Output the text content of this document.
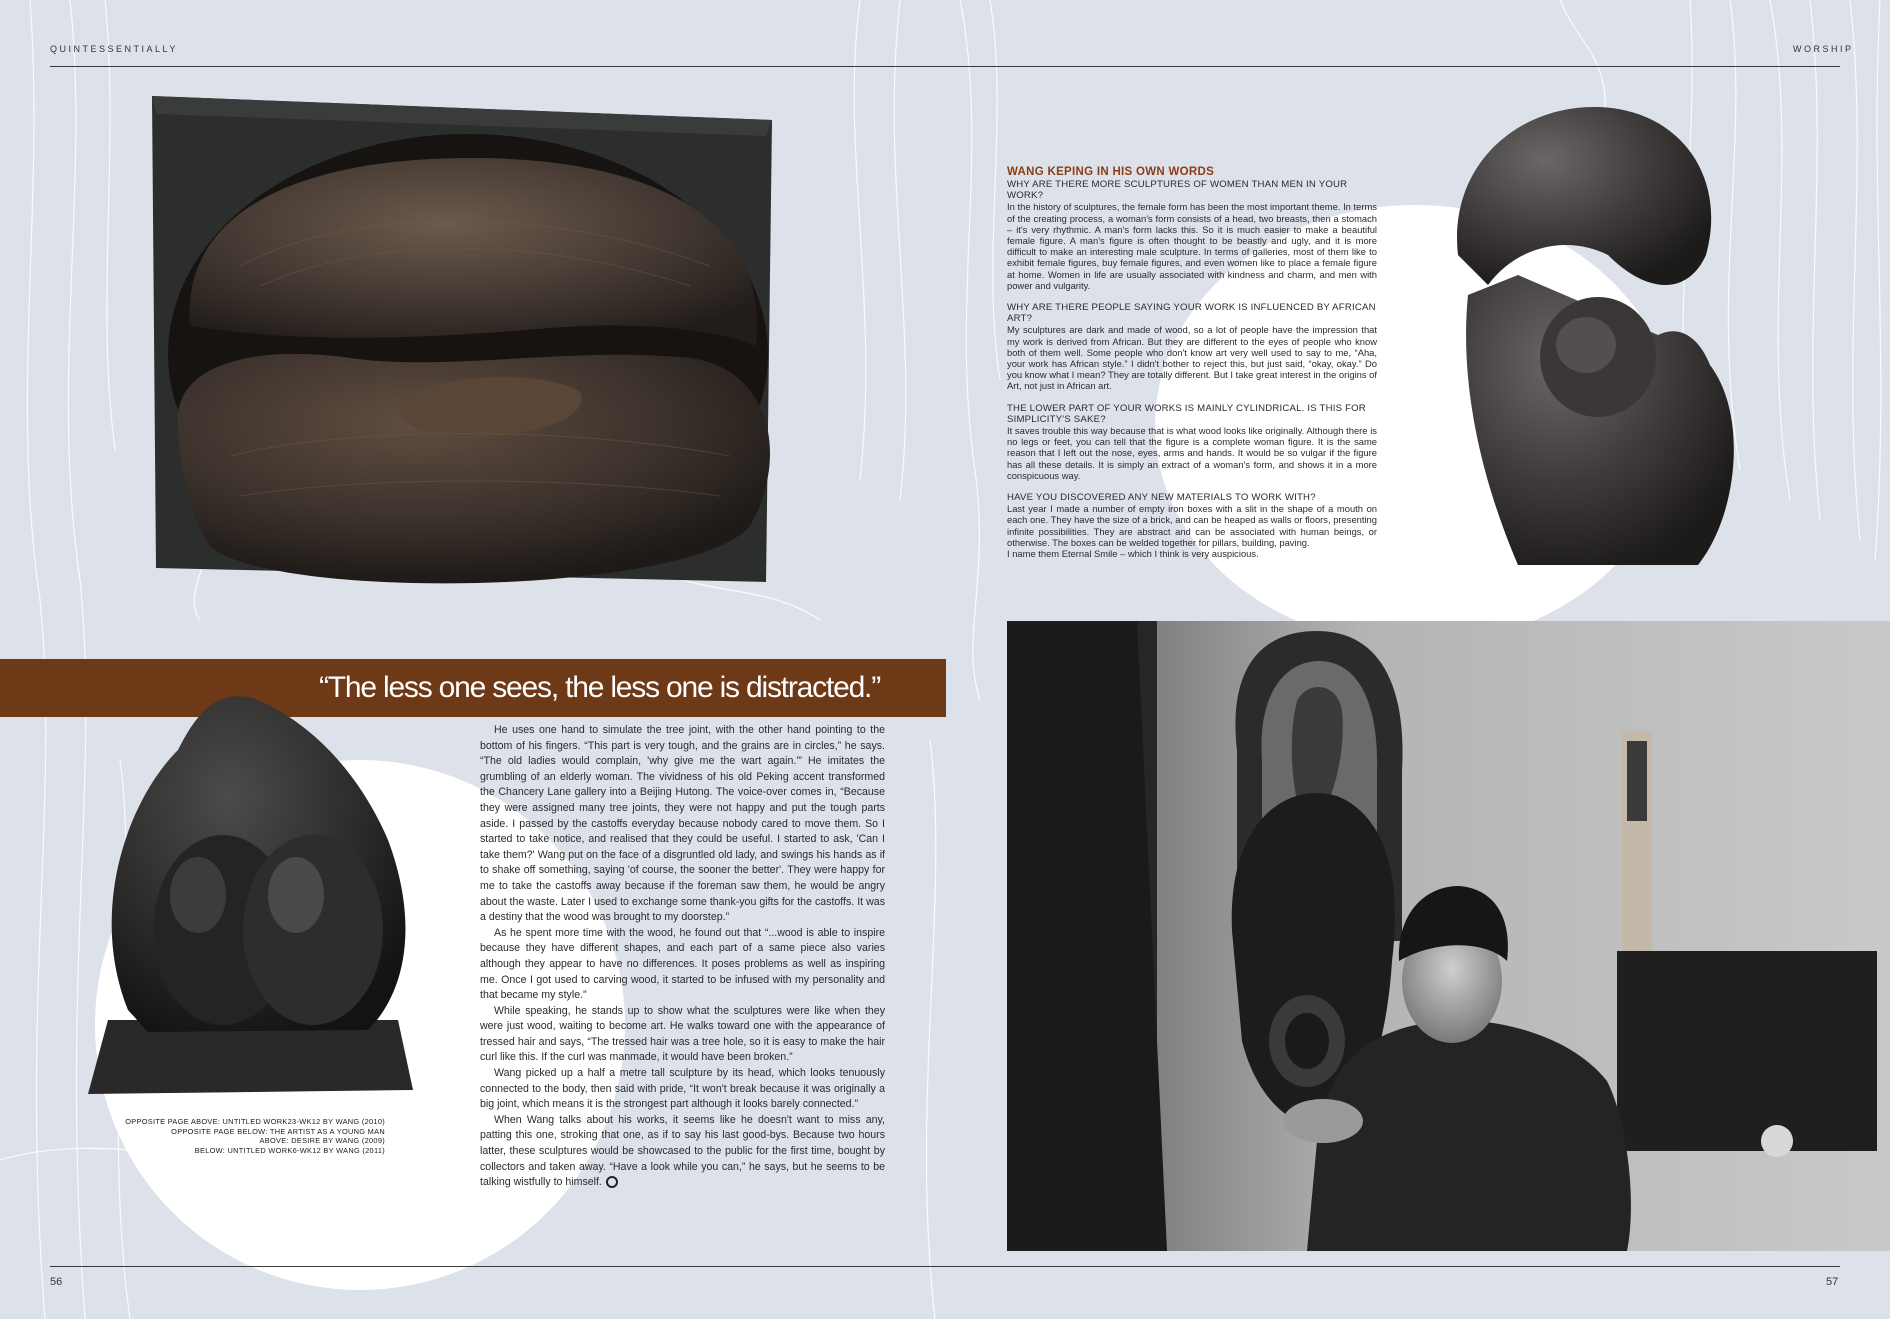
QUINTESSENTIALLY	WORSHIP
“The less one sees, the less one is distracted.”
OPPOSITE PAGE ABOVE: UNTITLED WORK23-WK12 BY WANG (2010)
OPPOSITE PAGE BELOW: THE ARTIST AS A YOUNG MAN
ABOVE: DESIRE BY WANG (2009)
BELOW: UNTITLED WORK6-WK12 BY WANG (2011)

He uses one hand to simulate the tree joint, with the other hand pointing to the bottom of his fingers. “This part is very tough, and the grains are in circles,” he says. “The old ladies would complain, 'why give me the wart again.'” He imitates the grumbling of an elderly woman. The vividness of his old Peking accent transformed the Chancery Lane gallery into a Beijing Hutong. The voice-over comes in, “Because they were assigned many tree joints, they were not happy and put the tough parts aside. I passed by the castoffs everyday because nobody cared to move them. So I started to take notice, and realised that they could be useful. I started to ask, 'Can I take them?' Wang put on the face of a disgruntled old lady, and swings his hands as if to shake off something, saying 'of course, the sooner the better'. They were happy for me to take the castoffs away because if the foreman saw them, he would be angry about the waste. Later I used to exchange some thank-you gifts for the castoffs. It was a destiny that the wood was brought to my doorstep.”

As he spent more time with the wood, he found out that “...wood is able to inspire because they have different shapes, and each part of a same piece also varies although they appear to have no differences. It poses problems as well as inspiring me. Once I got used to carving wood, it started to be infused with my personality and that became my style.”

While speaking, he stands up to show what the sculptures were like when they were just wood, waiting to become art. He walks toward one with the appearance of tressed hair and says, “The tressed hair was a tree hole, so it is easy to make the hair curl like this. If the curl was manmade, it would have been broken.”

Wang picked up a half a metre tall sculpture by its head, which looks tenuously connected to the body, then said with pride, “It won't break because it was originally a big joint, which means it is the strongest part although it looks barely connected.”

When Wang talks about his works, it seems like he doesn't want to miss any, patting this one, stroking that one, as if to say his last good-bys. Because two hours latter, these sculptures would be showcased to the public for the first time, bought by collectors and taken away. “Have a look while you can,” he says, but he seems to be talking wistfully to himself.

WANG KEPING IN HIS OWN WORDS
WHY ARE THERE MORE SCULPTURES OF WOMEN THAN MEN IN YOUR WORK?
In the history of sculptures, the female form has been the most important theme. In terms of the creating process, a woman's form consists of a head, two breasts, then a stomach – it's very rhythmic. A man's form lacks this. So it is much easier to make a beautiful female figure. A man's figure is often thought to be beastly and ugly, and it is more difficult to make an interesting male sculpture. In terms of galleries, most of them like to exhibit female figures, buy female figures, and even women like to place a female figure at home. Women in life are usually associated with kindness and charm, and men with power and vulgarity.
WHY ARE THERE PEOPLE SAYING YOUR WORK IS INFLUENCED BY AFRICAN ART?
My sculptures are dark and made of wood, so a lot of people have the impression that my work is derived from African. But they are different to the eyes of people who know both of them well. Some people who don't know art very well used to say to me, “Aha, your work has African style.” I didn't bother to reject this, but just said, “okay, okay.” Do you know what I mean? They are totally different. But I take great interest in the origins of Art, not just in African art.
THE LOWER PART OF YOUR WORKS IS MAINLY CYLINDRICAL. IS THIS FOR SIMPLICITY'S SAKE?
It saves trouble this way because that is what wood looks like originally. Although there is no legs or feet, you can tell that the figure is a complete woman figure. It is the same reason that I left out the nose, eyes, arms and hands. It would be so vulgar if the figure has all these details. It is simply an extract of a woman's form, and shows it in a more conspicuous way.
HAVE YOU DISCOVERED ANY NEW MATERIALS TO WORK WITH?
Last year I made a number of empty iron boxes with a slit in the shape of a mouth on each one. They have the size of a brick, and can be heaped as walls or floors, presenting infinite possibilities. They are abstract and can be associated with human beings, or otherwise. The boxes can be welded together for pillars, building, paving.
I name them Eternal Smile – which I think is very auspicious.
56	57
